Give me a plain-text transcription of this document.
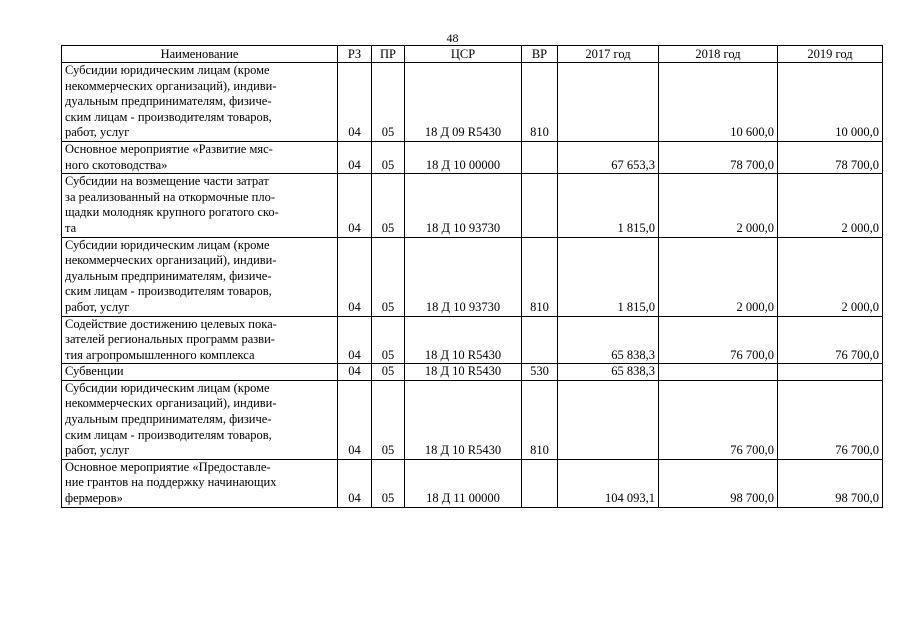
48
Наименование	РЗ	ПР	ЦСР	ВР	2017 год	2018 год	2019 год

Субсидии юридическим лицам (кроме
некоммерческих организаций), индиви-
дуальным предпринимателям, физиче-
ским лицам - производителям товаров,
работ, услуг	04	05	18 Д 09 R5430	810		10 600,0	10 000,0

Основное мероприятие «Развитие мяс-
ного скотоводства»	04	05	18 Д 10 00000		67 653,3	78 700,0	78 700,0

Субсидии на возмещение части затрат
за реализованный на откормочные пло-
щадки молодняк крупного рогатого ско-
та	04	05	18 Д 10 93730		1 815,0	2 000,0	2 000,0

Субсидии юридическим лицам (кроме
некоммерческих организаций), индиви-
дуальным предпринимателям, физиче-
ским лицам - производителям товаров,
работ, услуг	04	05	18 Д 10 93730	810	1 815,0	2 000,0	2 000,0

Содействие достижению целевых пока-
зателей региональных программ разви-
тия агропромышленного комплекса	04	05	18 Д 10 R5430		65 838,3	76 700,0	76 700,0

Субвенции	04	05	18 Д 10 R5430	530	65 838,3		

Субсидии юридическим лицам (кроме
некоммерческих организаций), индиви-
дуальным предпринимателям, физиче-
ским лицам - производителям товаров,
работ, услуг	04	05	18 Д 10 R5430	810		76 700,0	76 700,0

Основное мероприятие «Предоставле-
ние грантов на поддержку начинающих
фермеров»	04	05	18 Д 11 00000		104 093,1	98 700,0	98 700,0
